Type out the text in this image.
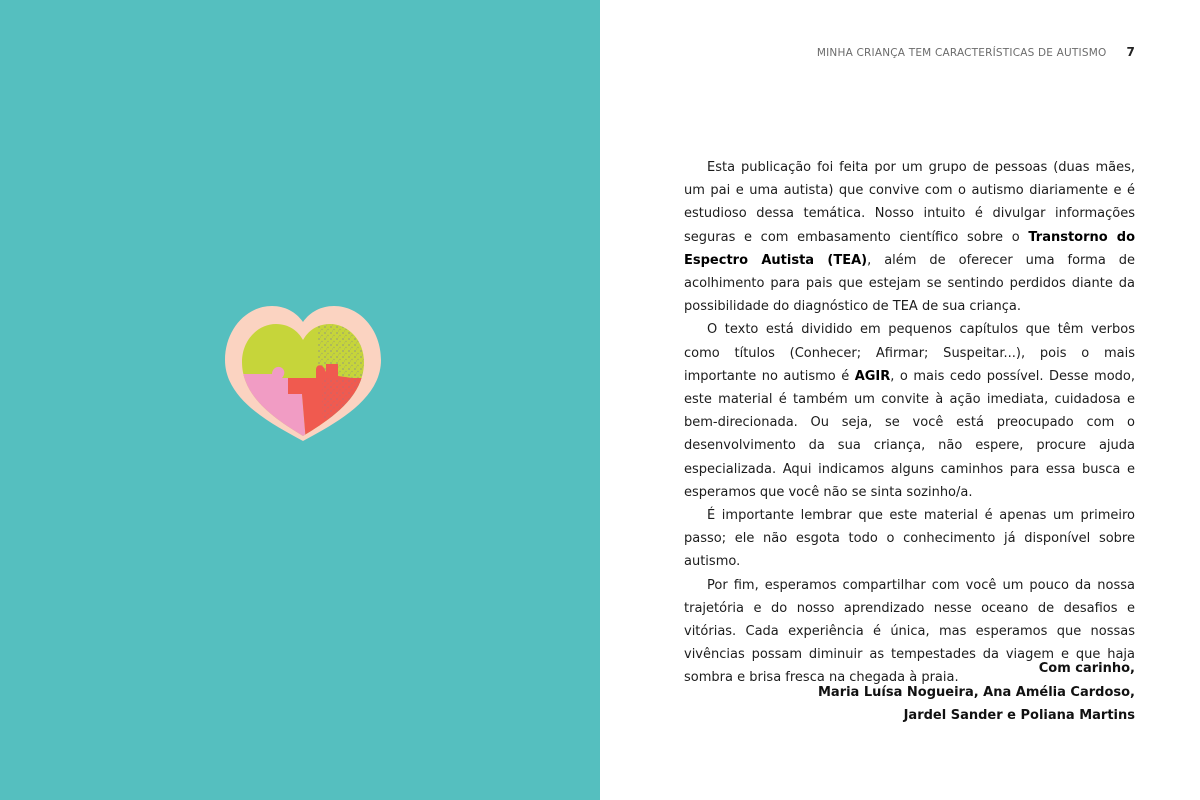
MINHA CRIANÇA TEM CARACTERÍSTICAS DE AUTISMO 7

Esta publicação foi feita por um grupo de pessoas (duas mães, um pai e uma autista) que convive com o autismo diariamente e é estudioso dessa temática. Nosso intuito é divulgar informações seguras e com embasamento científico sobre o Transtorno do Espectro Autista (TEA), além de oferecer uma forma de acolhimento para pais que estejam se sentindo perdidos diante da possibilidade do diagnóstico de TEA de sua criança.

O texto está dividido em pequenos capítulos que têm verbos como títulos (Conhecer; Afirmar; Suspeitar...), pois o mais importante no autismo é AGIR, o mais cedo possível. Desse modo, este material é também um convite à ação imediata, cuidadosa e bem-direcionada. Ou seja, se você está preocupado com o desenvolvimento da sua criança, não espere, procure ajuda especializada. Aqui indicamos alguns caminhos para essa busca e esperamos que você não se sinta sozinho/a.

É importante lembrar que este material é apenas um primeiro passo; ele não esgota todo o conhecimento já disponível sobre autismo.

Por fim, esperamos compartilhar com você um pouco da nossa trajetória e do nosso aprendizado nesse oceano de desafios e vitórias. Cada experiência é única, mas esperamos que nossas vivências possam diminuir as tempestades da viagem e que haja sombra e brisa fresca na chegada à praia.

Com carinho,
Maria Luísa Nogueira, Ana Amélia Cardoso,
Jardel Sander e Poliana Martins
